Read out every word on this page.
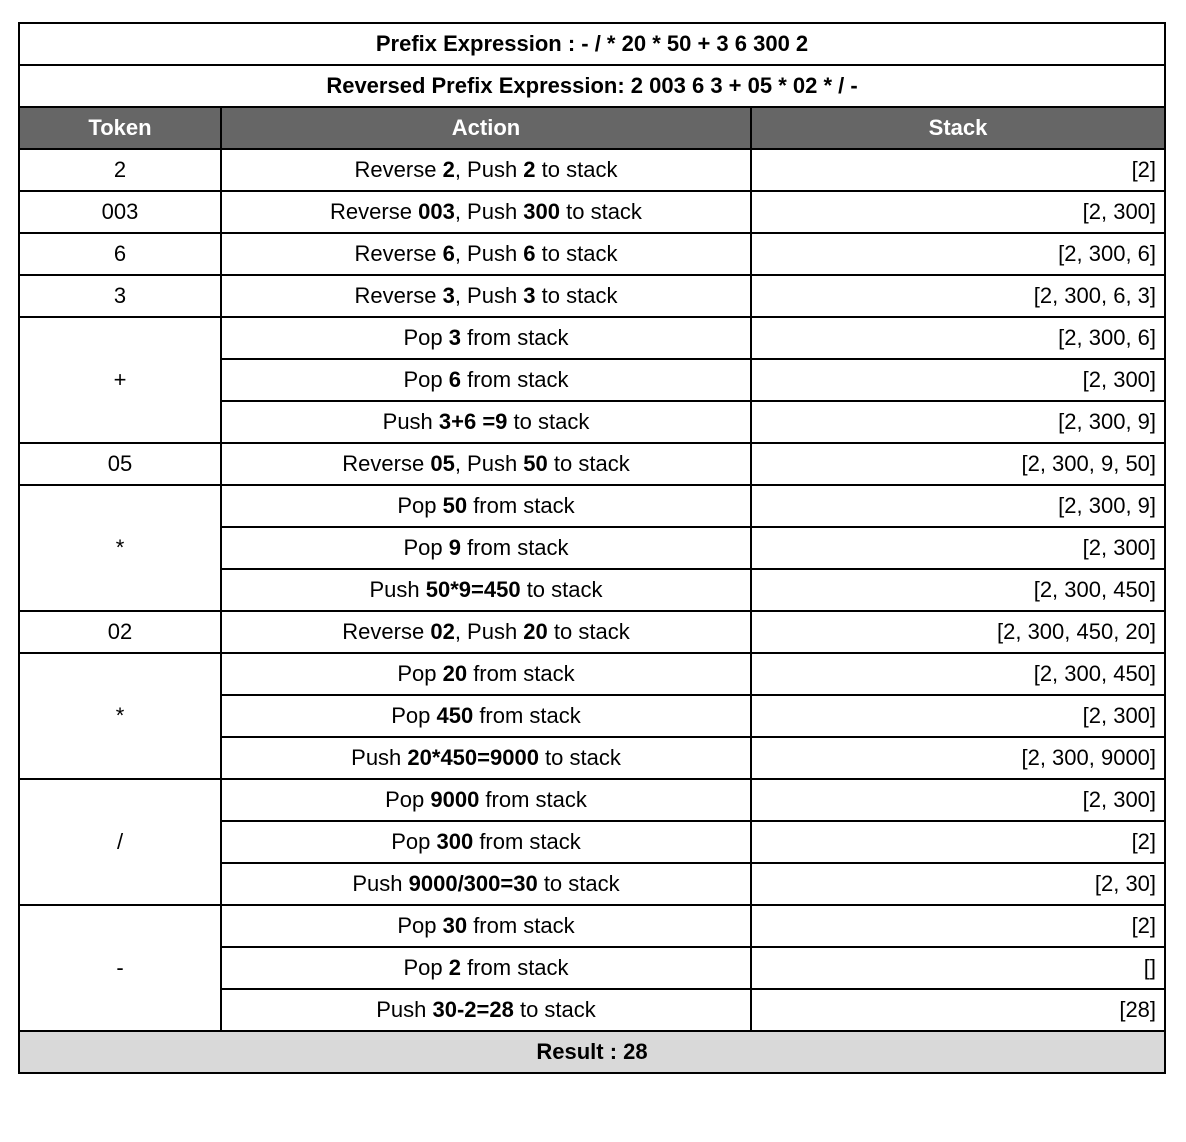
Prefix Expression : - / * 20 * 50 + 3 6 300 2		
Reversed Prefix Expression: 2 003 6 3 + 05 * 02 * / -		
Token	Action	Stack
2	Reverse 2, Push 2 to stack	[2]
003	Reverse 003, Push 300 to stack	[2, 300]
6	Reverse 6, Push 6 to stack	[2, 300, 6]
3	Reverse 3, Push 3 to stack	[2, 300, 6, 3]
+	Pop 3 from stack	[2, 300, 6]
	Pop 6 from stack	[2, 300]
	Push 3+6 =9 to stack	[2, 300, 9]
05	Reverse 05, Push 50 to stack	[2, 300, 9, 50]
*	Pop 50 from stack	[2, 300, 9]
	Pop 9 from stack	[2, 300]
	Push 50*9=450 to stack	[2, 300, 450]
02	Reverse 02, Push 20 to stack	[2, 300, 450, 20]
*	Pop 20 from stack	[2, 300, 450]
	Pop 450 from stack	[2, 300]
	Push 20*450=9000 to stack	[2, 300, 9000]
/	Pop 9000 from stack	[2, 300]
	Pop 300 from stack	[2]
	Push 9000/300=30 to stack	[2, 30]
-	Pop 30 from stack	[2]
	Pop 2 from stack	[]
	Push 30-2=28 to stack	[28]
Result : 28		
